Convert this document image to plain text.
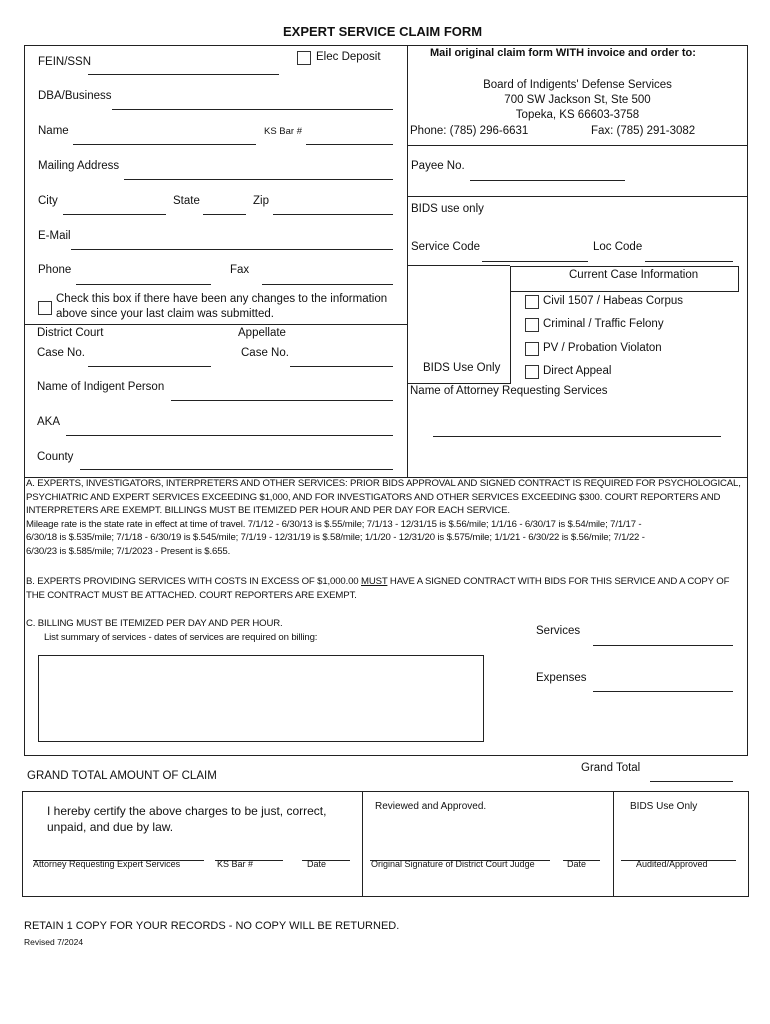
EXPERT SERVICE CLAIM FORM
FEIN/SSN	Elec Deposit
DBA/Business
Name	KS Bar #
Mailing Address
City	State	Zip
E-Mail
Phone	Fax
Check this box if there have been any changes to the information
above since your last claim was submitted.
District Court	Appellate
Case No.	Case No.
Name of Indigent Person
AKA
County
Mail original claim form WITH invoice and order to:
Board of Indigents' Defense Services
700 SW Jackson St, Ste 500
Topeka, KS 66603-3758
Phone: (785) 296-6631	Fax: (785) 291-3082
Payee No.
BIDS use only
Service Code	Loc Code
Current Case Information
Civil 1507 / Habeas Corpus
Criminal / Traffic Felony
PV / Probation Violaton
Direct Appeal
BIDS Use Only
Name of Attorney Requesting Services
A. EXPERTS, INVESTIGATORS, INTERPRETERS AND OTHER SERVICES: PRIOR BIDS APPROVAL AND SIGNED CONTRACT IS REQUIRED FOR PSYCHOLOGICAL,
PSYCHIATRIC AND EXPERT SERVICES EXCEEDING $1,000, AND FOR INVESTIGATORS AND OTHER SERVICES EXCEEDING $300. COURT REPORTERS AND
INTERPRETERS ARE EXEMPT. BILLINGS MUST BE ITEMIZED PER HOUR AND PER DAY FOR EACH SERVICE.
Mileage rate is the state rate in effect at time of travel. 7/1/12 - 6/30/13 is $.55/mile; 7/1/13 - 12/31/15 is $.56/mile; 1/1/16 - 6/30/17 is $.54/mile; 7/1/17 -
6/30/18 is $.535/mile; 7/1/18 - 6/30/19 is $.545/mile; 7/1/19 - 12/31/19 is $.58/mile; 1/1/20 - 12/31/20 is $.575/mile; 1/1/21 - 6/30/22 is $.56/mile; 7/1/22 -
6/30/23 is $.585/mile; 7/1/2023 - Present is $.655.
B. EXPERTS PROVIDING SERVICES WITH COSTS IN EXCESS OF $1,000.00 MUST HAVE A SIGNED CONTRACT WITH BIDS FOR THIS SERVICE AND A COPY OF
THE CONTRACT MUST BE ATTACHED. COURT REPORTERS ARE EXEMPT.
C. BILLING MUST BE ITEMIZED PER DAY AND PER HOUR.
List summary of services - dates of services are required on billing:
Services
Expenses
GRAND TOTAL AMOUNT OF CLAIM
Grand Total
I hereby certify the above charges to be just, correct,
unpaid, and due by law.
Reviewed and Approved.	BIDS Use Only
Attorney Requesting Expert Services	KS Bar #	Date	Original Signature of District Court Judge	Date	Audited/Approved
RETAIN 1 COPY FOR YOUR RECORDS - NO COPY WILL BE RETURNED.
Revised 7/2024
